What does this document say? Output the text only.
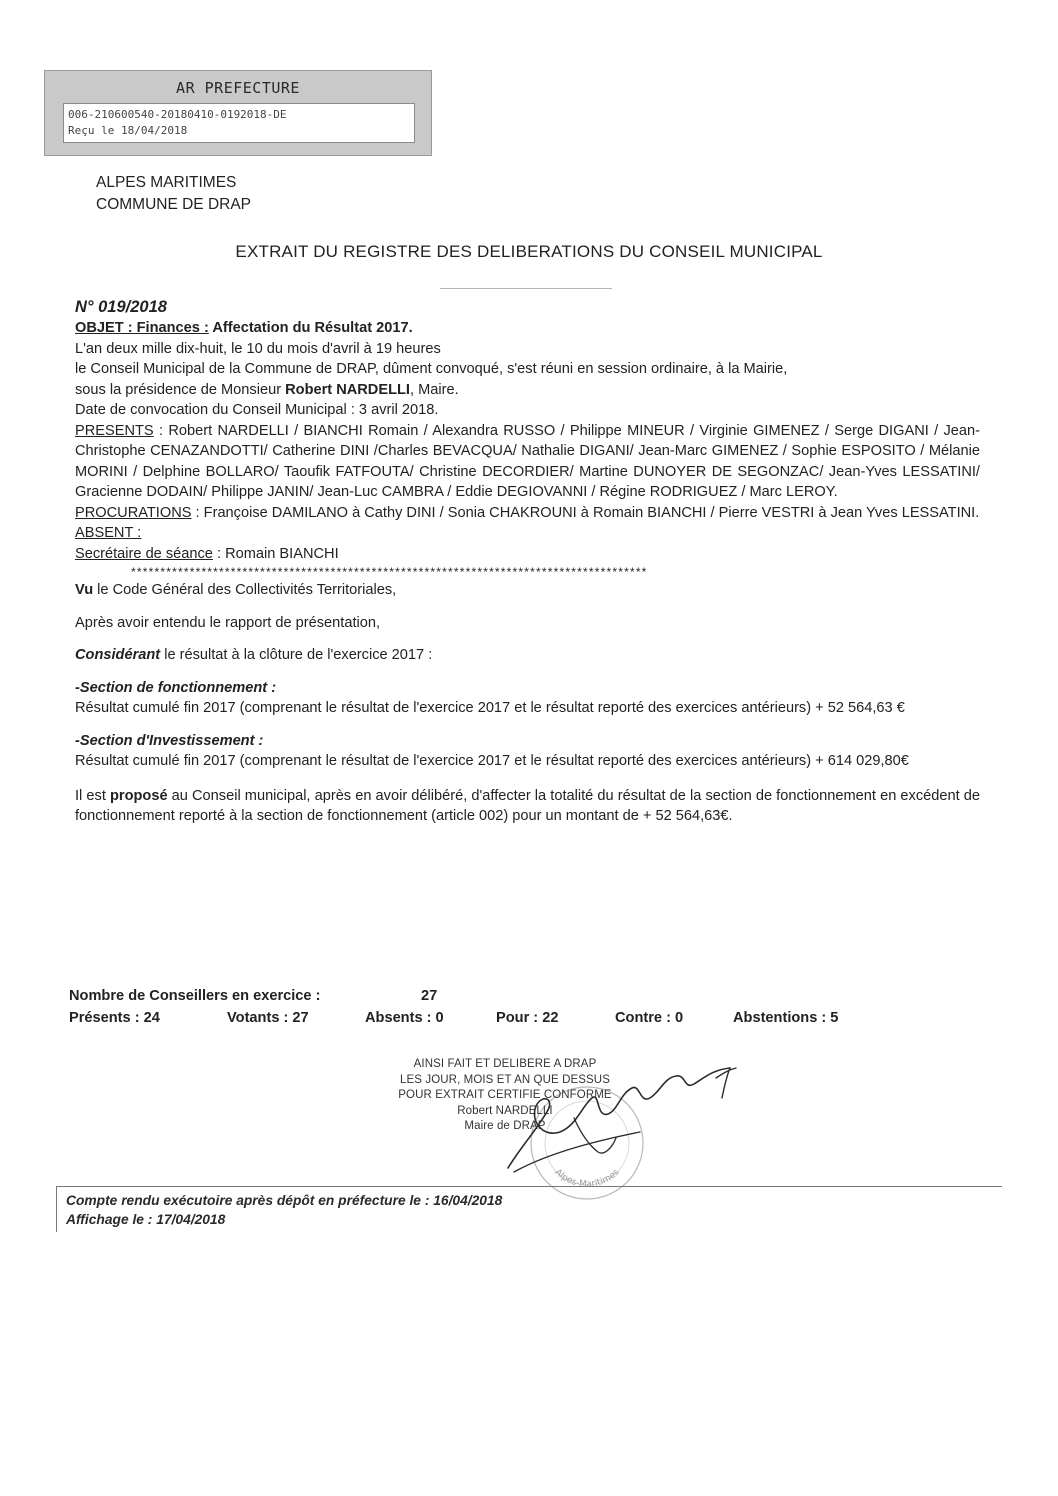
AR PREFECTURE
006-210600540-20180410-0192018-DE
Reçu le 18/04/2018
ALPES MARITIMES
COMMUNE DE DRAP
EXTRAIT DU REGISTRE DES DELIBERATIONS DU CONSEIL MUNICIPAL

N° 019/2018

OBJET : Finances : Affectation du Résultat 2017.

L'an deux mille dix-huit, le 10 du mois d'avril à 19 heures

le Conseil Municipal de la Commune de DRAP, dûment convoqué, s'est réuni en session ordinaire, à la Mairie,

sous la présidence de Monsieur Robert NARDELLI, Maire.

Date de convocation du Conseil Municipal : 3 avril 2018.

PRESENTS : Robert NARDELLI / BIANCHI Romain / Alexandra RUSSO / Philippe MINEUR / Virginie GIMENEZ / Serge DIGANI / Jean-Christophe CENAZANDOTTI/ Catherine DINI /Charles BEVACQUA/ Nathalie DIGANI/ Jean-Marc GIMENEZ / Sophie ESPOSITO / Mélanie MORINI / Delphine BOLLARO/ Taoufik FATFOUTA/ Christine DECORDIER/ Martine DUNOYER DE SEGONZAC/ Jean-Yves LESSATINI/ Gracienne DODAIN/ Philippe JANIN/ Jean-Luc CAMBRA / Eddie DEGIOVANNI / Régine RODRIGUEZ / Marc LEROY.

PROCURATIONS : Françoise DAMILANO à Cathy DINI / Sonia CHAKROUNI à Romain BIANCHI / Pierre VESTRI à Jean Yves LESSATINI.

ABSENT :

Secrétaire de séance : Romain BIANCHI

****************************************************************************************

Vu le Code Général des Collectivités Territoriales,

Après avoir entendu le rapport de présentation,

Considérant le résultat à la clôture de l'exercice 2017 :

-Section de fonctionnement :

Résultat cumulé fin 2017 (comprenant le résultat de l'exercice 2017 et le résultat reporté des exercices antérieurs) + 52 564,63 €

-Section d'Investissement :

Résultat cumulé fin 2017 (comprenant le résultat de l'exercice 2017 et le résultat reporté des exercices antérieurs) + 614 029,80€

Il est proposé au Conseil municipal, après en avoir délibéré, d'affecter la totalité du résultat de la section de fonctionnement en excédent de fonctionnement reporté à la section de fonctionnement (article 002) pour un montant de + 52 564,63€.

Nombre de Conseillers en exercice :	27
Présents : 24	Votants : 27	Absents : 0	Pour : 22	Contre : 0	Abstentions : 5
Alpes-Maritimes
AINSI FAIT ET DELIBERE A DRAP
LES JOUR, MOIS ET AN QUE DESSUS
POUR EXTRAIT CERTIFIE CONFORME
Robert NARDELLI
Maire de DRAP
Compte rendu exécutoire après dépôt en préfecture le : 16/04/2018
Affichage le : 17/04/2018
